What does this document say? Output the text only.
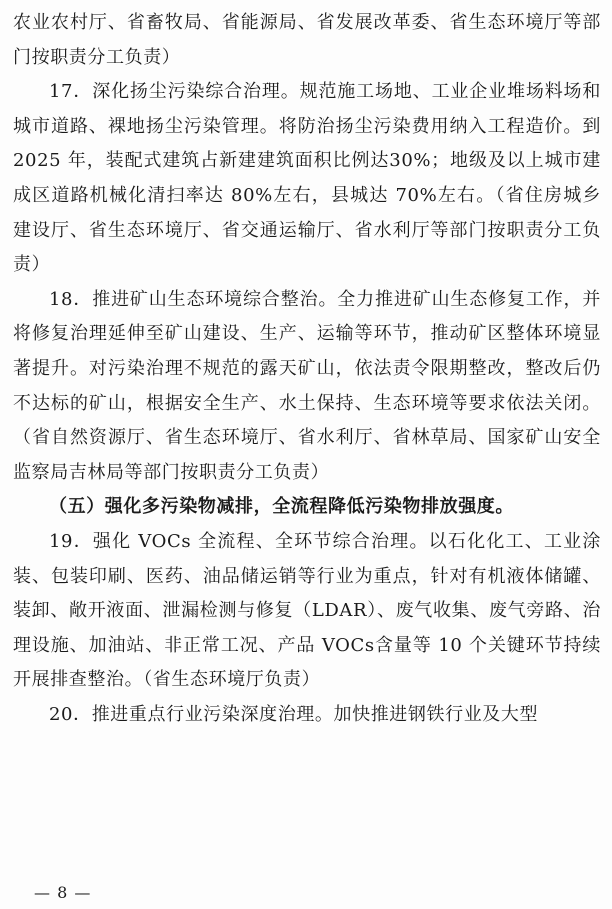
农业农村厅、省畜牧局、省能源局、省发展改革委、省生态环境厅等部门按职责分工负责）

17．深化扬尘污染综合治理。规范施工场地、工业企业堆场料场和城市道路、裸地扬尘污染管理。将防治扬尘污染费用纳入工程造价。到 2025 年，装配式建筑占新建建筑面积比例达30%；地级及以上城市建成区道路机械化清扫率达 80%左右，县城达 70%左右。（省住房城乡建设厅、省生态环境厅、省交通运输厅、省水利厅等部门按职责分工负责）

18．推进矿山生态环境综合整治。全力推进矿山生态修复工作，并将修复治理延伸至矿山建设、生产、运输等环节，推动矿区整体环境显著提升。对污染治理不规范的露天矿山，依法责令限期整改，整改后仍不达标的矿山，根据安全生产、水土保持、生态环境等要求依法关闭。（省自然资源厅、省生态环境厅、省水利厅、省林草局、国家矿山安全监察局吉林局等部门按职责分工负责）

（五）强化多污染物减排，全流程降低污染物排放强度。

19．强化 VOCs 全流程、全环节综合治理。以石化化工、工业涂装、包装印刷、医药、油品储运销等行业为重点，针对有机液体储罐、装卸、敞开液面、泄漏检测与修复（LDAR）、废气收集、废气旁路、治理设施、加油站、非正常工况、产品 VOCs含量等 10 个关键环节持续开展排查整治。（省生态环境厅负责）

20．推进重点行业污染深度治理。加快推进钢铁行业及大型

— 8 —
